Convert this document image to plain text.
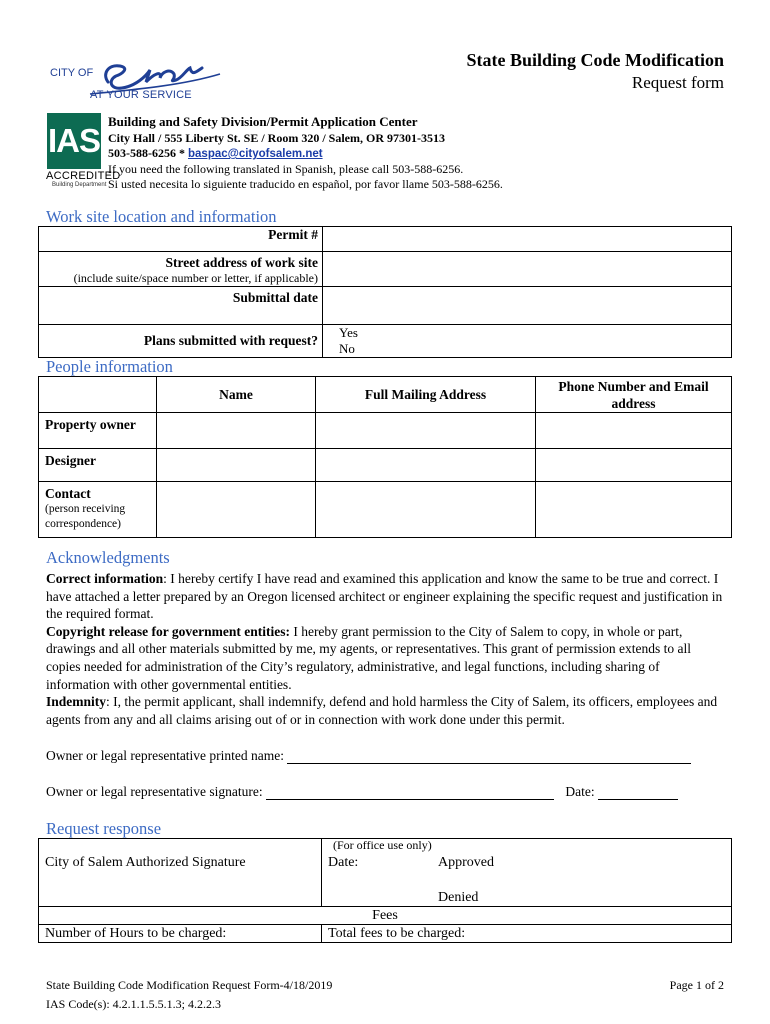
CITY OF
AT YOUR SERVICE
IAS
ACCREDITED
Building Department
State Building Code Modification
Request form
Building and Safety Division/Permit Application Center
City Hall / 555 Liberty St. SE / Room 320 / Salem, OR 97301-3513
503-588-6256 * baspac@cityofsalem.net
If you need the following translated in Spanish, please call 503-588-6256.
Si usted necesita lo siguiente traducido en español, por favor llame 503-588-6256.
Work site location and information
Permit #	

Street address of work site
(include suite/space number or letter, if applicable)	

Submittal date	

Plans submitted with request?	Yes
No
People information
	Name	Full Mailing Address	Phone Number and Email address

Property owner			

Designer			

Contact
(person receiving correspondence)			

Acknowledgments
Correct information: I hereby certify I have read and examined this application and know the same to be true and correct. I have attached a letter prepared by an Oregon licensed architect or engineer explaining the specific request and justification in the required format.
Copyright release for government entities: I hereby grant permission to the City of Salem to copy, in whole or part, drawings and all other materials submitted by me, my agents, or representatives. This grant of permission extends to all copies needed for administration of the City’s regulatory, administrative, and legal functions, including sharing of information with other governmental entities.
Indemnity: I, the permit applicant, shall indemnify, defend and hold harmless the City of Salem, its officers, employees and agents from any and all claims arising out of or in connection with work done under this permit.
Owner or legal representative printed name:
Owner or legal representative signature:	Date:
Request response
(For office use only)
City of Salem Authorized Signature	Date:	Approved
Denied

Fees		
Number of Hours to be charged:	Total fees to be charged:	
State Building Code Modification Request Form-4/18/2019
IAS Code(s): 4.2.1.1.5.5.1.3; 4.2.2.3
Page 1 of 2
